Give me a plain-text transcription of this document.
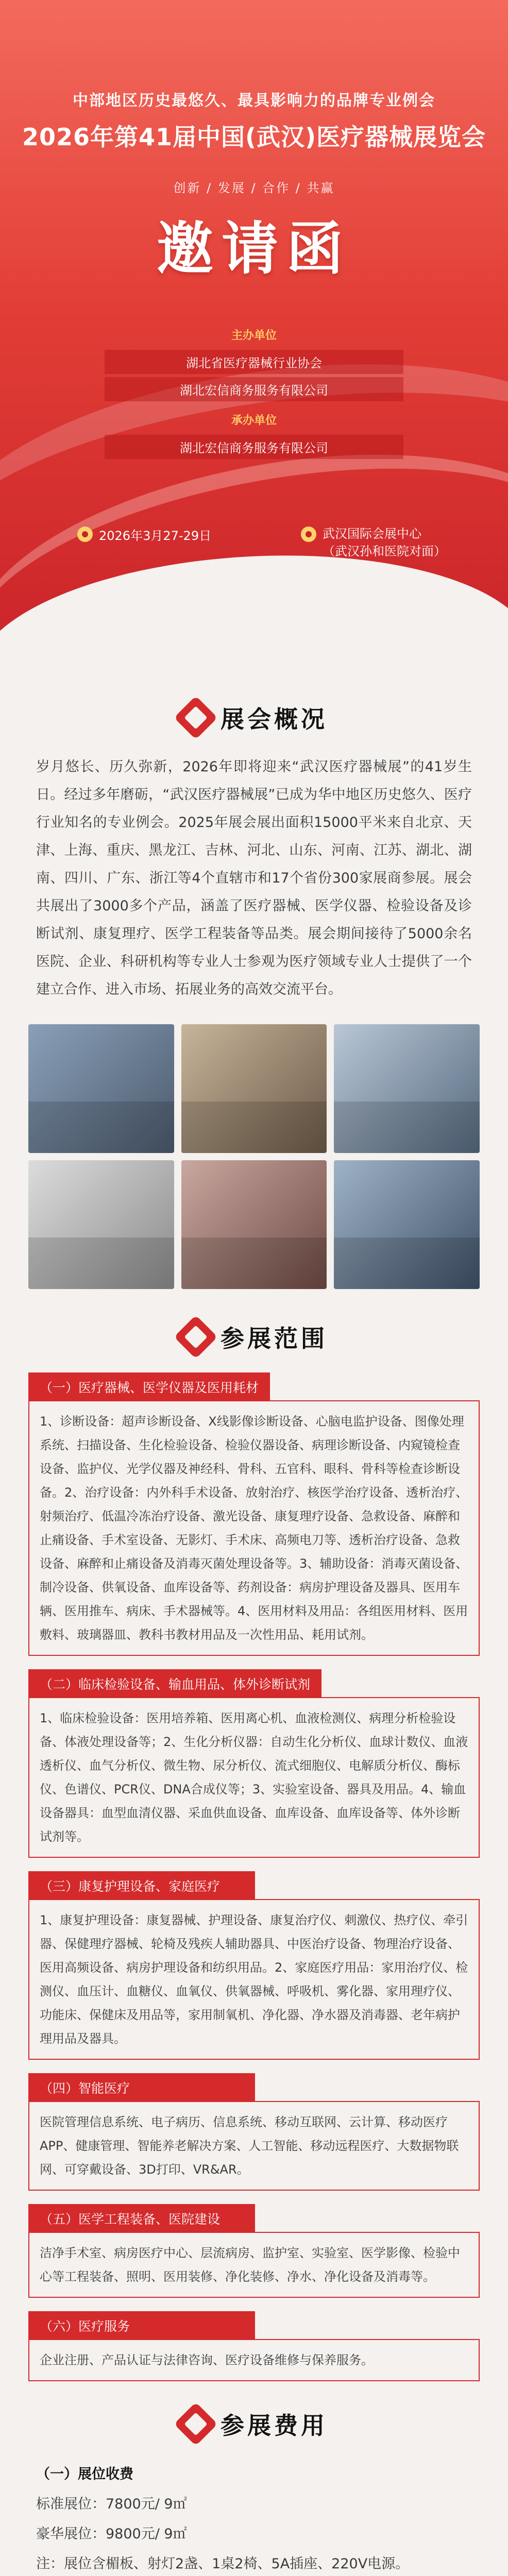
中部地区历史最悠久、最具影响力的品牌专业例会
2026年第41届中国(武汉)医疗器械展览会
创新 / 发展 / 合作 / 共赢
邀请函
主办单位
湖北省医疗器械行业协会
湖北宏信商务服务有限公司
承办单位
湖北宏信商务服务有限公司
2026年3月27-29日	武汉国际会展中心
（武汉孙和医院对面）
展会概况

岁月悠长、历久弥新，2026年即将迎来“武汉医疗器械展”的41岁生日。经过多年磨砺，“武汉医疗器械展”已成为华中地区历史悠久、医疗行业知名的专业例会。2025年展会展出面积15000平米来自北京、天津、上海、重庆、黑龙江、吉林、河北、山东、河南、江苏、湖北、湖南、四川、广东、浙江等4个直辖市和17个省份300家展商参展。展会共展出了3000多个产品，涵盖了医疗器械、医学仪器、检验设备及诊断试剂、康复理疗、医学工程装备等品类。展会期间接待了5000余名医院、企业、科研机构等专业人士参观为医疗领域专业人士提供了一个建立合作、进入市场、拓展业务的高效交流平台。

参展范围
（一）医疗器械、医学仪器及医用耗材
1、诊断设备：超声诊断设备、X线影像诊断设备、心脑电监护设备、图像处理系统、扫描设备、生化检验设备、检验仪器设备、病理诊断设备、内窥镜检查设备、监护仪、光学仪器及神经科、骨科、五官科、眼科、骨科等检查诊断设备。2、治疗设备：内外科手术设备、放射治疗、核医学治疗设备、透析治疗、射频治疗、低温冷冻治疗设备、激光设备、康复理疗设备、急救设备、麻醉和止痛设备、手术室设备、无影灯、手术床、高频电刀等、透析治疗设备、急救设备、麻醉和止痛设备及消毒灭菌处理设备等。3、辅助设备：消毒灭菌设备、制冷设备、供氧设备、血库设备等、药剂设备：病房护理设备及器具、医用车辆、医用推车、病床、手术器械等。4、医用材料及用品：各组医用材料、医用敷料、玻璃器皿、教科书教材用品及一次性用品、耗用试剂。
（二）临床检验设备、输血用品、体外诊断试剂
1、临床检验设备：医用培养箱、医用离心机、血液检测仪、病理分析检验设备、体液处理设备等；2、生化分析仪器：自动生化分析仪、血球计数仪、血液透析仪、血气分析仪、微生物、尿分析仪、流式细胞仪、电解质分析仪、酶标仪、色谱仪、PCR仪、DNA合成仪等；3、实验室设备、器具及用品。4、输血设备器具：血型血清仪器、采血供血设备、血库设备、血库设备等、体外诊断试剂等。
（三）康复护理设备、家庭医疗
1、康复护理设备：康复器械、护理设备、康复治疗仪、刺激仪、热疗仪、牵引器、保健理疗器械、轮椅及残疾人辅助器具、中医治疗设备、物理治疗设备、医用高频设备、病房护理设备和纺织用品。2、家庭医疗用品：家用治疗仪、检测仪、血压计、血糖仪、血氧仪、供氧器械、呼吸机、雾化器、家用理疗仪、功能床、保健床及用品等，家用制氧机、净化器、净水器及消毒器、老年病护理用品及器具。
（四）智能医疗
医院管理信息系统、电子病历、信息系统、移动互联网、云计算、移动医疗APP、健康管理、智能养老解决方案、人工智能、移动远程医疗、大数据物联网、可穿戴设备、3D打印、VR&AR。
（五）医学工程装备、医院建设
洁净手术室、病房医疗中心、层流病房、监护室、实验室、医学影像、检验中心等工程装备、照明、医用装修、净化装修、净水、净化设备及消毒等。
（六）医疗服务
企业注册、产品认证与法律咨询、医疗设备维修与保养服务。
参展费用
（一）展位收费
标准展位：7800元/ 9㎡
豪华展位：9800元/ 9㎡
注：展位含楣板、射灯2盏、1桌2椅、5A插座、220V电源。
